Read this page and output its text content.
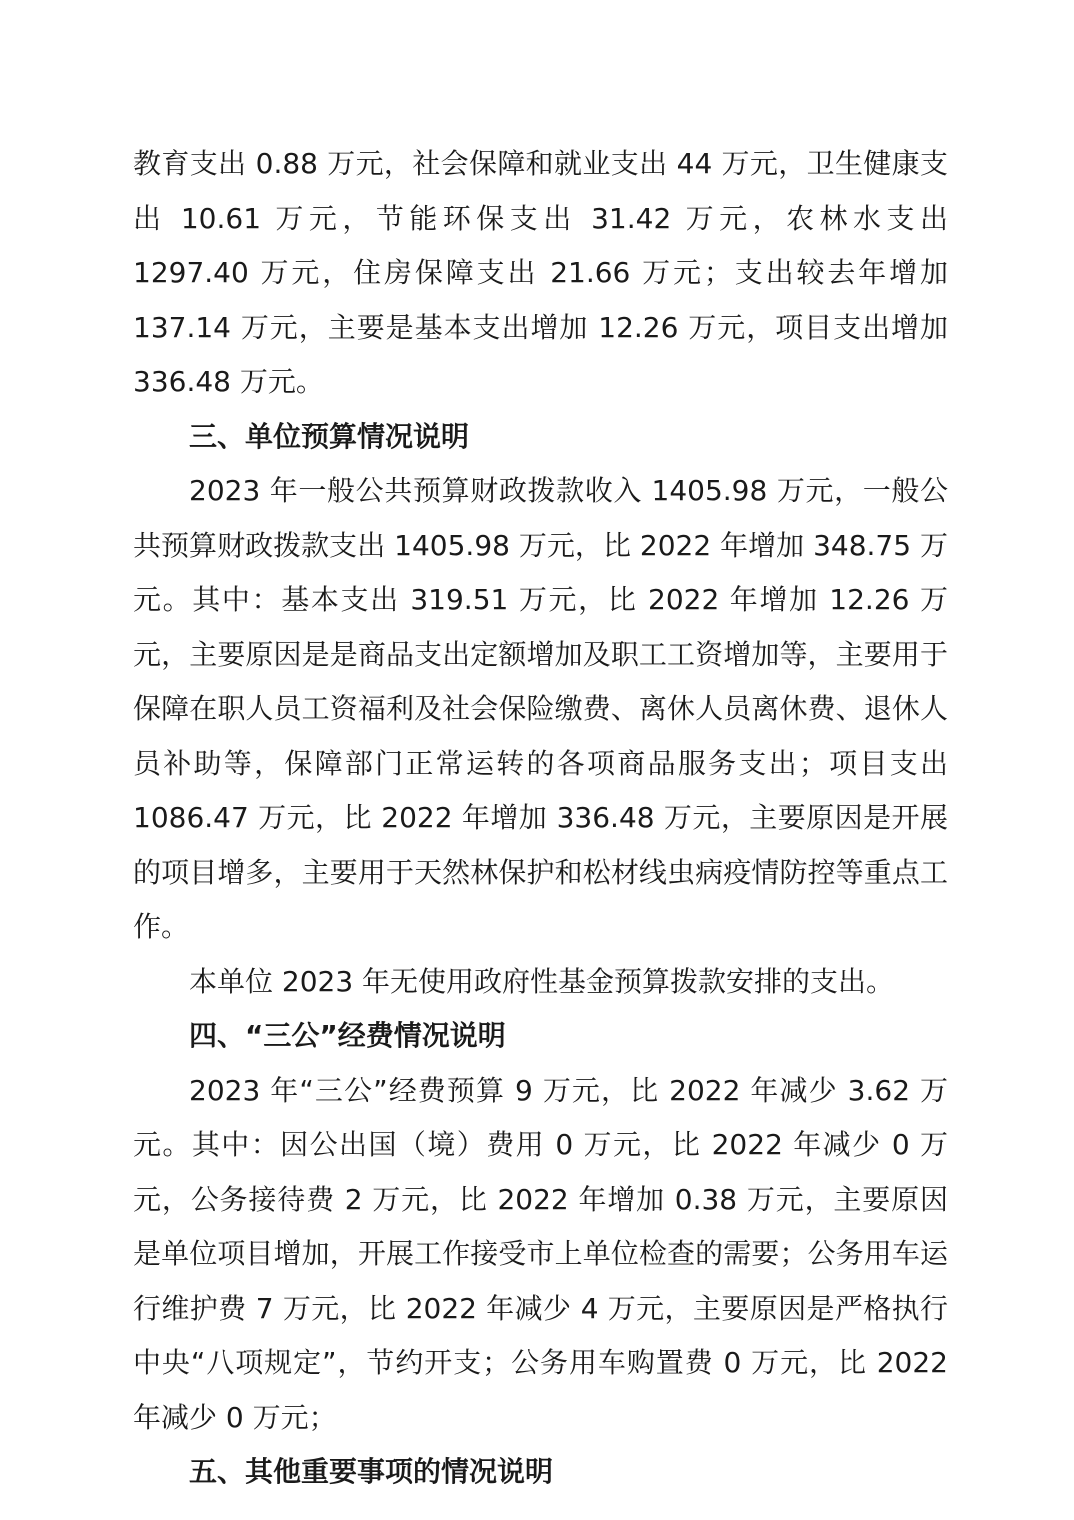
教育支出 0.88 万元，社会保障和就业支出 44 万元，卫生健康支出 10.61 万元，节能环保支出 31.42 万元，农林水支出 1297.40 万元，住房保障支出 21.66 万元；支出较去年增加 137.14 万元，主要是基本支出增加 12.26 万元，项目支出增加 336.48 万元。

三、单位预算情况说明

2023 年一般公共预算财政拨款收入 1405.98 万元，一般公共预算财政拨款支出 1405.98 万元，比 2022 年增加 348.75 万元。其中：基本支出 319.51 万元，比 2022 年增加 12.26 万元，主要原因是是商品支出定额增加及职工工资增加等，主要用于保障在职人员工资福利及社会保险缴费、离休人员离休费、退休人员补助等，保障部门正常运转的各项商品服务支出；项目支出 1086.47 万元，比 2022 年增加 336.48 万元，主要原因是开展的项目增多，主要用于天然林保护和松材线虫病疫情防控等重点工作。

本单位 2023 年无使用政府性基金预算拨款安排的支出。

四、“三公”经费情况说明

2023 年“三公”经费预算 9 万元，比 2022 年减少 3.62 万元。其中：因公出国（境）费用 0 万元，比 2022 年减少 0 万元，公务接待费 2 万元，比 2022 年增加 0.38 万元，主要原因是单位项目增加，开展工作接受市上单位检查的需要；公务用车运行维护费 7 万元，比 2022 年减少 4 万元，主要原因是严格执行中央“八项规定”，节约开支；公务用车购置费 0 万元，比 2022 年减少 0 万元；

五、其他重要事项的情况说明
